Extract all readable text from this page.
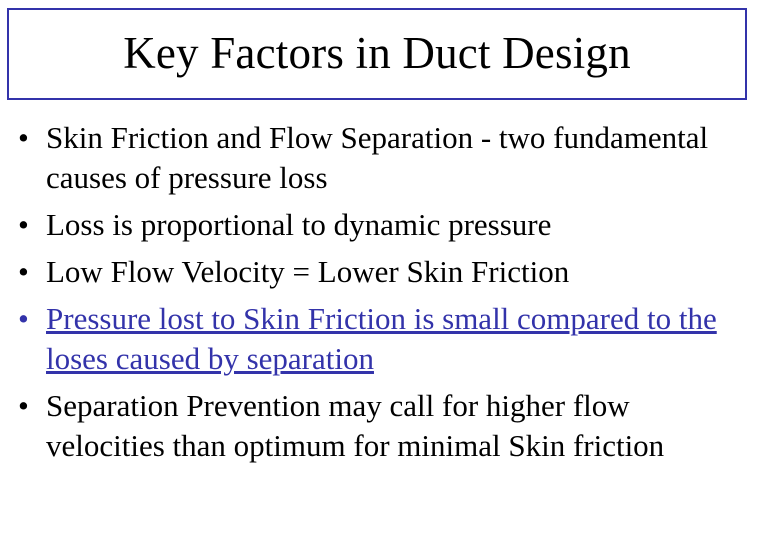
Key Factors in Duct Design
• Skin Friction and Flow Separation - two fundamental causes of pressure loss
• Loss is proportional to dynamic pressure
• Low Flow Velocity = Lower Skin Friction
• Pressure lost to Skin Friction is small compared to the loses caused by separation
• Separation Prevention may call for higher flow velocities than optimum for minimal Skin friction
